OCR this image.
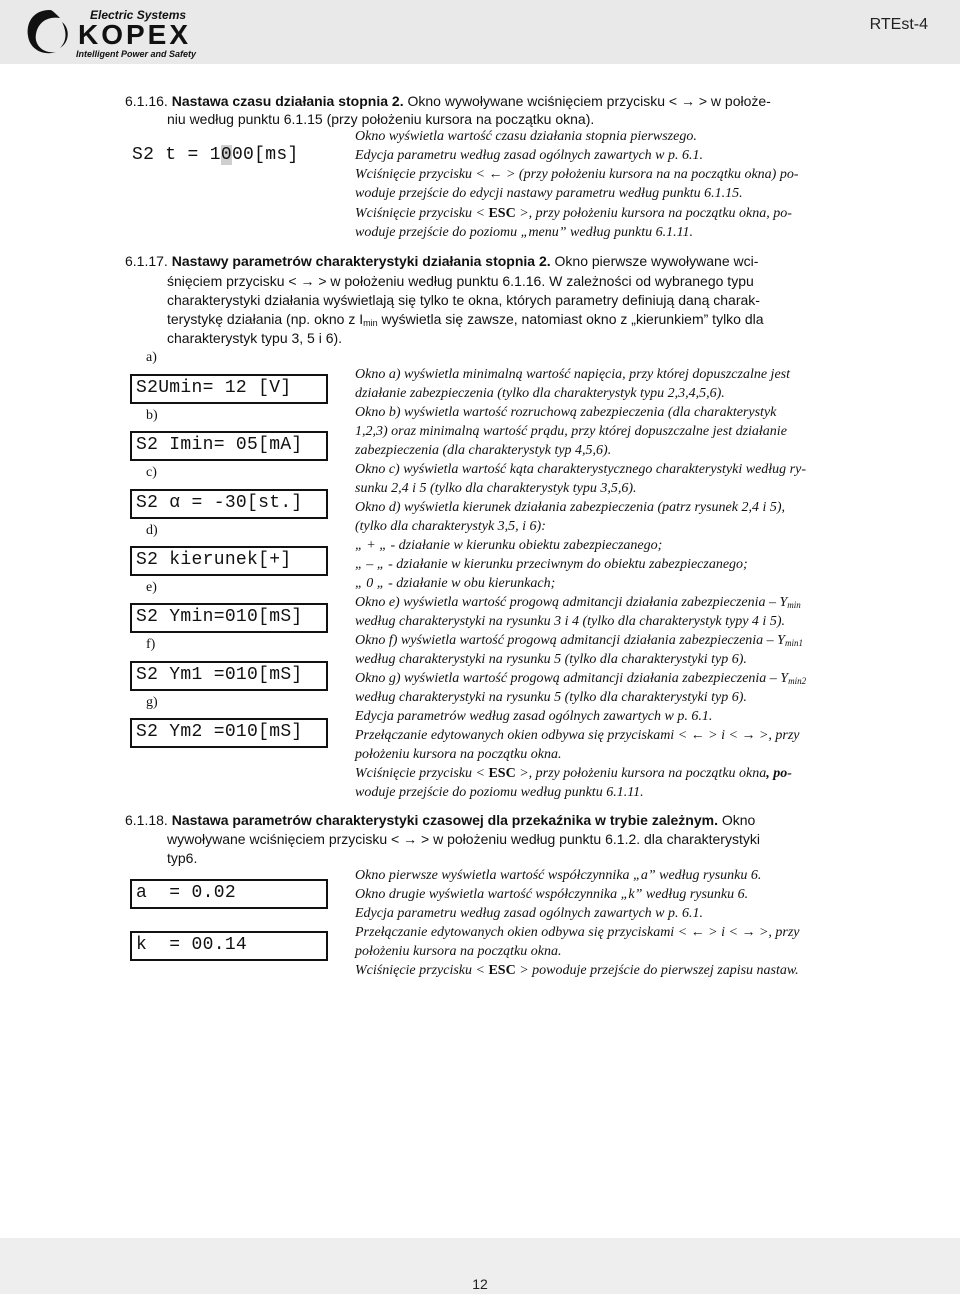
Electric Systems
KOPEX
Intelligent Power and Safety
RTEst-4
6.1.16. Nastawa czasu działania stopnia 2. Okno wywoływane wciśnięciem przycisku < → > w położe-
niu według punktu 6.1.15 (przy położeniu kursora na początku okna).
S2 t = 1000[ms]
Okno wyświetla wartość czasu działania stopnia pierwszego.
Edycja parametru według zasad ogólnych zawartych w p. 6.1.
Wciśnięcie przycisku < ← > (przy położeniu kursora na na początku okna) po-
woduje przejście do edycji nastawy parametru według punktu 6.1.15.
Wciśnięcie przycisku < ESC >, przy położeniu kursora na początku okna, po-
woduje przejście do poziomu „menu” według punktu 6.1.11.
6.1.17. Nastawy parametrów charakterystyki działania stopnia 2. Okno pierwsze wywoływane wci-
śnięciem przycisku < → > w położeniu według punktu 6.1.16. W zależności od wybranego typu
charakterystyki działania wyświetlają się tylko te okna, których parametry definiują daną charak-
terystykę działania (np. okno z $I_{min}$ wyświetla się zawsze, natomiast okno z „kierunkiem” tylko dla
charakterystyk typu 3, 5 i 6).
a)
S2Umin= 12 [V]
b)
S2 Imin= 05[mA]
c)
S2 α = -30[st.]
d)
S2 kierunek[+]
e)
S2 Ymin=010[mS]
f)
S2 Ym1 =010[mS]
g)
S2 Ym2 =010[mS]
Okno a) wyświetla minimalną wartość napięcia, przy której dopuszczalne jest
działanie zabezpieczenia (tylko dla charakterystyk typu 2,3,4,5,6).
Okno b) wyświetla wartość rozruchową zabezpieczenia (dla charakterystyk
1,2,3) oraz minimalną wartość prądu, przy której dopuszczalne jest działanie
zabezpieczenia (dla charakterystyk typ 4,5,6).
Okno c) wyświetla wartość kąta charakterystycznego charakterystyki według ry-
sunku 2,4 i 5 (tylko dla charakterystyk typu 3,5,6).
Okno d) wyświetla kierunek działania zabezpieczenia (patrz rysunek 2,4 i 5),
(tylko dla charakterystyk 3,5, i 6):
„ + „ - działanie w kierunku obiektu zabezpieczanego;
„ – „ - działanie w kierunku przeciwnym do obiektu zabezpieczanego;
„ 0 „ - działanie w obu kierunkach;
Okno e) wyświetla wartość progową admitancji działania zabezpieczenia – $Y_{min}$
według charakterystyki na rysunku 3 i 4 (tylko dla charakterystyk typy 4 i 5).
Okno f) wyświetla wartość progową admitancji działania zabezpieczenia – $Y_{min1}$
według charakterystyki na rysunku 5 (tylko dla charakterystyki typ 6).
Okno g) wyświetla wartość progową admitancji działania zabezpieczenia – $Y_{min2}$
według charakterystyki na rysunku 5 (tylko dla charakterystyki typ 6).
Edycja parametrów według zasad ogólnych zawartych w p. 6.1.
Przełączanie edytowanych okien odbywa się przyciskami < ← > i < → >, przy
położeniu kursora na początku okna.
Wciśnięcie przycisku < ESC >, przy położeniu kursora na początku okna, po-
woduje przejście do poziomu według punktu 6.1.11.
6.1.18. Nastawa parametrów charakterystyki czasowej dla przekaźnika w trybie zależnym. Okno
wywoływane wciśnięciem przycisku < → > w położeniu według punktu 6.1.2. dla charakterystyki
typ6.
a  = 0.02
k  = 00.14
Okno pierwsze wyświetla wartość współczynnika „a” według rysunku 6.
Okno drugie wyświetla wartość współczynnika „k” według rysunku 6.
Edycja parametru według zasad ogólnych zawartych w p. 6.1.
Przełączanie edytowanych okien odbywa się przyciskami < ← > i < → >, przy
położeniu kursora na początku okna.
Wciśnięcie przycisku < ESC > powoduje przejście do pierwszej zapisu nastaw.
12
